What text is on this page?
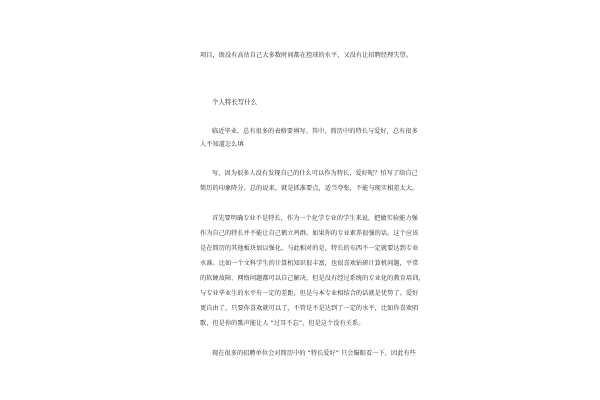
项目，既没有高估自己大多数时间都在控球的水平，又没有让招聘经理失望。
个人特长写什么
临近毕业，总有很多的表格要填写。其中，简历中的特长与爱好，总有很多
人不知道怎么填
写，因为很多人没有发现自己的什么可以作为特长，爱好呢？怕写了给自己
简历的印象降分。总的说来，就是抓准要点，适当夸张，不能与现实相差太大。
首先要明确专业不是特长，作为一个化学专业的学生来说，把做实验能力强
作为自己的特长并不能让自己鹤立鸡群。如果你的专业素养很强的话，这个应该
是在简历的其他板块加以强化。与此相对的是，特长的东西不一定就要达到专业
水准。比如一个文科学生的计算机知识很丰富，也很喜欢钻研计算机问题，平常
的软硬故障，网络问题都可以自己解决，但是没有经过系统的专业化的教育培训，
与专业毕业生的水平有一定的差距，但是与本专业相结合的话就是优势了。爱好
更自由了，只要你喜欢就可以了，不管是不是达到了一定的水平，比如你喜欢唱
歌，但是你的歌声能让人 “过耳不忘”，但是这个没有关系。
现在很多的招聘单位会对简历中的 “特长爱好” 只会瞄眼看一下，因此有些
